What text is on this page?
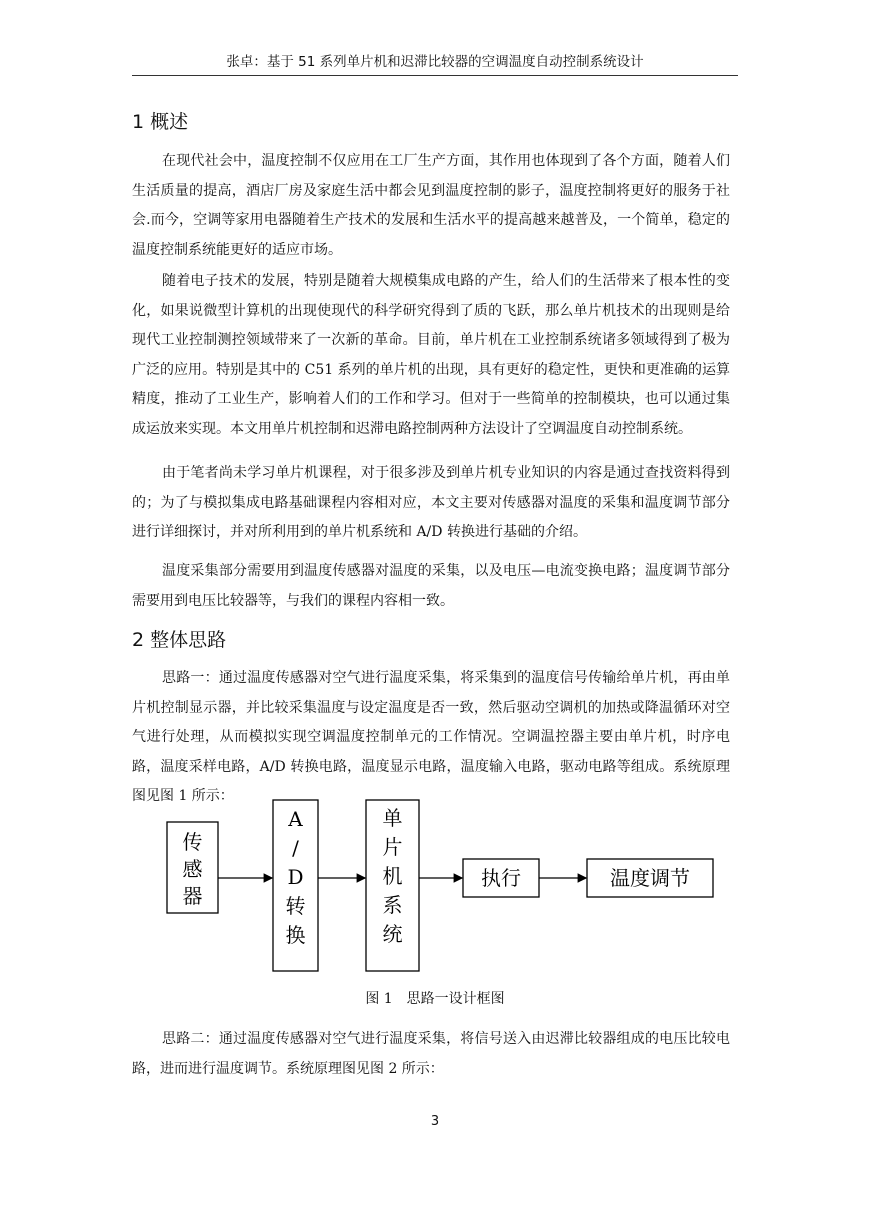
张卓：基于 51 系列单片机和迟滞比较器的空调温度自动控制系统设计
1 概述

在现代社会中，温度控制不仅应用在工厂生产方面，其作用也体现到了各个方面，随着人们生活质量的提高，酒店厂房及家庭生活中都会见到温度控制的影子，温度控制将更好的服务于社会.而今，空调等家用电器随着生产技术的发展和生活水平的提高越来越普及，一个简单，稳定的温度控制系统能更好的适应市场。

随着电子技术的发展，特别是随着大规模集成电路的产生，给人们的生活带来了根本性的变化，如果说微型计算机的出现使现代的科学研究得到了质的飞跃，那么单片机技术的出现则是给现代工业控制测控领域带来了一次新的革命。目前，单片机在工业控制系统诸多领域得到了极为广泛的应用。特别是其中的 C51 系列的单片机的出现，具有更好的稳定性，更快和更准确的运算精度，推动了工业生产，影响着人们的工作和学习。但对于一些简单的控制模块，也可以通过集成运放来实现。本文用单片机控制和迟滞电路控制两种方法设计了空调温度自动控制系统。

由于笔者尚未学习单片机课程，对于很多涉及到单片机专业知识的内容是通过查找资料得到的；为了与模拟集成电路基础课程内容相对应，本文主要对传感器对温度的采集和温度调节部分进行详细探讨，并对所利用到的单片机系统和 A/D 转换进行基础的介绍。

温度采集部分需要用到温度传感器对温度的采集，以及电压—电流变换电路；温度调节部分需要用到电压比较器等，与我们的课程内容相一致。

2 整体思路

思路一：通过温度传感器对空气进行温度采集，将采集到的温度信号传输给单片机，再由单片机控制显示器，并比较采集温度与设定温度是否一致，然后驱动空调机的加热或降温循环对空气进行处理，从而模拟实现空调温度控制单元的工作情况。空调温控器主要由单片机，时序电路，温度采样电路，A/D 转换电路，温度显示电路，温度输入电路，驱动电路等组成。系统原理图见图 1 所示：

传
感
器
A
/
D
转
换
单
片
机
系
统
执行	温度调节
图 1　思路一设计框图

思路二：通过温度传感器对空气进行温度采集，将信号送入由迟滞比较器组成的电压比较电路，进而进行温度调节。系统原理图见图 2 所示：

3
